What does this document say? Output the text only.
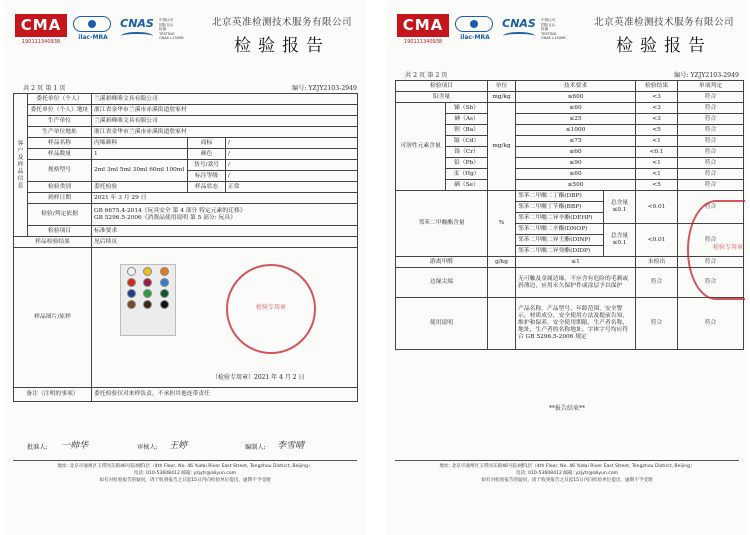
CMA
190111340938
ilac-MRA
CNAS	中国认可
国际互认
检测
TESTING
CNAS L13496
北京英准检测技术服务有限公司
检验报告
共 2 页 第 1 页	编号: YZJY2103-2949
客户及样品信息	委托单位（个人）	兰溪彩峰哆文具有限公司		
	委托单位（个人）地址	浙江省金华市兰溪市赤溪街道詹家村		
	生产单位	兰溪彩峰哆文具有限公司		
	生产单位地址	浙江省金华市兰溪市赤溪街道詹家村		
	样品名称	丙烯颜料	商标	/
	样品数量	1	颜色	/
	规格型号	2ml 3ml 5ml 30ml 60ml 100ml	货号/款号	/
			标注等级	/
	检验类别	委托检验	样品状态	正常
	到样日期	2021 年 3 月 29 日		
	检验/判定依据	GB 6675.4-2014《玩具安全 第 4 部分 特定元素的迁移》
GB 5296.5-2006《消费品使用说明 第 5 部分: 玩具》		

	检验项目	标准要求		
样品检验结果		见后续页		
样品图片/原样		检验专用章
（检验专用章）2021 年 4 月 2 日		

备注（注明的事项）		委托检验仅对来样负责，不承担其他连带责任		
批准人: 一帅华	审核人: 王婷	编制人: 李雪晴
地址: 北京市通州区玉带河东街46号院4楼1层（4th Floor, No. 46 Yudai River East Street, Tongzhou District, Beijing）
电话: 010-53608412 邮箱: yzjytr@aliyun.com
如有对检验报告的疑问，请于收到报告之日起15日内向检验单位提出，逾期不予受理
CMA
190111340938
ilac-MRA
CNAS	中国认可
国际互认
检测
TESTING
CNAS L13496
北京英准检测技术服务有限公司
检验报告
共 2 页 第 2 页	编号: YZJY2103-2949
检验项目		单位	技术要求		检验结果	单项判定
铅含量		mg/kg	≤600		<3	符合
可溶性元素含量	锑（Sb）	mg/kg	≤60		<3	符合
	砷（As）		≤25		<3	符合
	钡（Ba）		≤1000		<5	符合
	镉（Cd）		≤75		<1	符合
	铬（Cr）		≤60		<0.1	符合
	铅（Pb）		≤90		<1	符合
	汞（Hg）		≤60		<1	符合
	硒（Se）		≤500		<5	符合
邻苯二甲酸酯含量		%	邻苯二甲酸二丁酯(DBP)	总含量 ≤0.1	<0.01	符合
			邻苯二甲酸丁苄酯(BBP)			
			邻苯二甲酸二异辛酯(DEHP)			
			邻苯二甲酸二辛酯(DNOP)	总含量 ≤0.1	<0.01	符合
			邻苯二甲酸二异壬酯(DINP)			
			邻苯二甲酸二异癸酯(DIDP)			
游离甲醛		g/kg	≤1		未检出	符合
边缘尖端			无可触及金属边缘，不应含有危险的毛刺或斜薄边，应用永久保护件或涂层予以保护		符合	符合
使用说明			产品名称，产品型号、年龄范围，安全警示，材质成分，安全使用方法及提前告知，维护和保养，安全使用期限，生产者名称、地址，生产者的名称地址、字体字号均应符合 GB 5296.5-2006 规定		符合	符合
检验专用章
**报告结束**
地址: 北京市通州区玉带河东街46号院4楼1层（4th Floor, No. 46 Yudai River East Street, Tongzhou District, Beijing）
电话: 010-53608412 邮箱: yzjytr@aliyun.com
如有对检验报告的疑问，请于收到报告之日起15日内向检验单位提出，逾期不予受理
